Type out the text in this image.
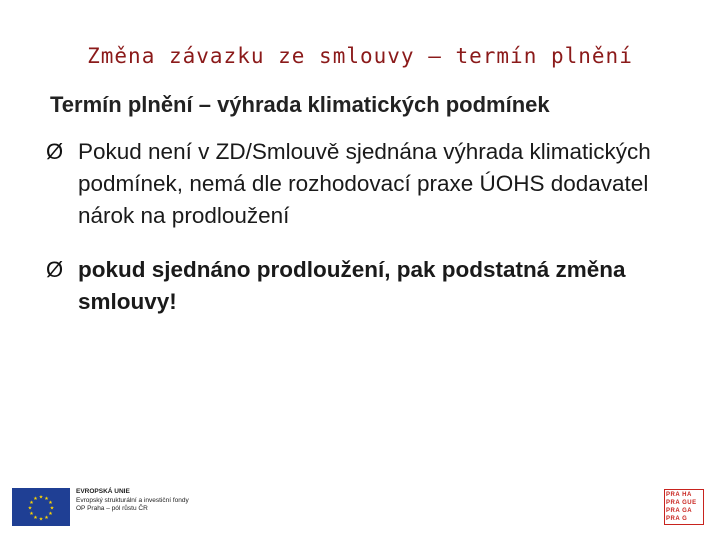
Změna závazku ze smlouvy – termín plnění
Termín plnění – výhrada klimatických podmínek
Ø Pokud není v ZD/Smlouvě sjednána výhrada klimatických podmínek, nemá dle rozhodovací praxe ÚOHS dodavatel nárok na prodloužení
Ø pokud sjednáno prodloužení, pak podstatná změna smlouvy!
★
★
★
★
★
★
★
★
★ ★ ★
★
EVROPSKÁ UNIE
Evropský strukturální a investiční fondy
OP Praha – pól růstu ČR
PRA HA
PRA GUE
PRA GA
PRA G
